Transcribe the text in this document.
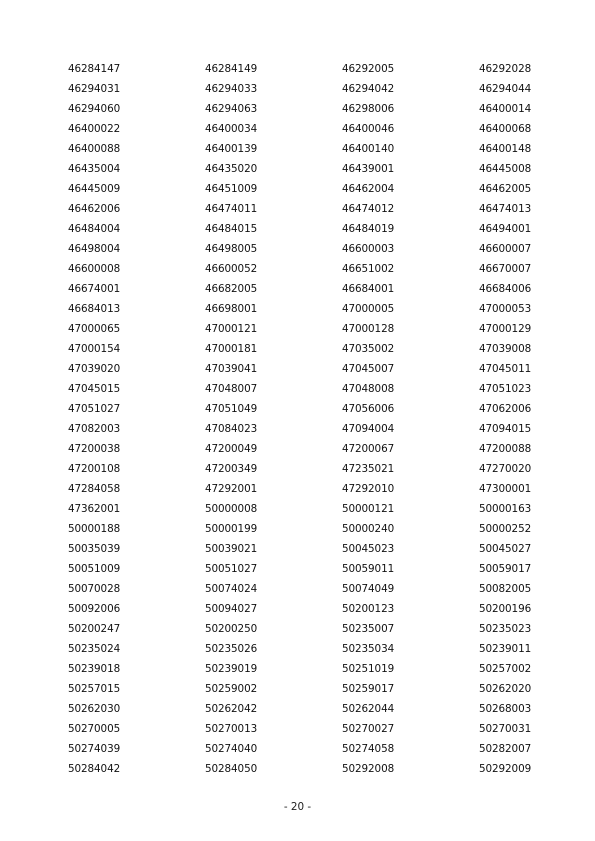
46284147	46284149	46292005	46292028
46294031	46294033	46294042	46294044
46294060	46294063	46298006	46400014
46400022	46400034	46400046	46400068
46400088	46400139	46400140	46400148
46435004	46435020	46439001	46445008
46445009	46451009	46462004	46462005
46462006	46474011	46474012	46474013
46484004	46484015	46484019	46494001
46498004	46498005	46600003	46600007
46600008	46600052	46651002	46670007
46674001	46682005	46684001	46684006
46684013	46698001	47000005	47000053
47000065	47000121	47000128	47000129
47000154	47000181	47035002	47039008
47039020	47039041	47045007	47045011
47045015	47048007	47048008	47051023
47051027	47051049	47056006	47062006
47082003	47084023	47094004	47094015
47200038	47200049	47200067	47200088
47200108	47200349	47235021	47270020
47284058	47292001	47292010	47300001
47362001	50000008	50000121	50000163
50000188	50000199	50000240	50000252
50035039	50039021	50045023	50045027
50051009	50051027	50059011	50059017
50070028	50074024	50074049	50082005
50092006	50094027	50200123	50200196
50200247	50200250	50235007	50235023
50235024	50235026	50235034	50239011
50239018	50239019	50251019	50257002
50257015	50259002	50259017	50262020
50262030	50262042	50262044	50268003
50270005	50270013	50270027	50270031
50274039	50274040	50274058	50282007
50284042	50284050	50292008	50292009
- 20 -
